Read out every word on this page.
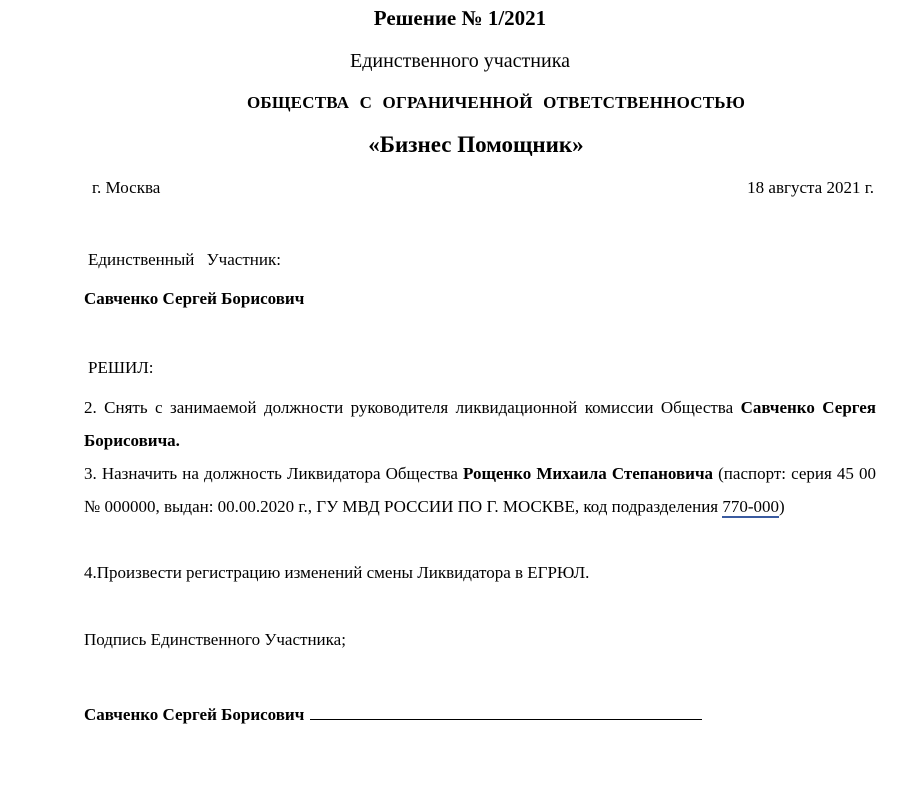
Решение № 1/2021
Единственного участника
ОБЩЕСТВА С ОГРАНИЧЕННОЙ ОТВЕТСТВЕННОСТЬЮ
«Бизнес Помощник»
г. Москва	18 августа 2021 г.
Единственный Участник:
Савченко Сергей Борисович
РЕШИЛ:
2. Снять с занимаемой должности руководителя ликвидационной комиссии Общества Савченко Сергея Борисовича.
3. Назначить на должность Ликвидатора Общества Рощенко Михаила Степановича (паспорт: серия 45 00 № 000000, выдан: 00.00.2020 г., ГУ МВД РОССИИ ПО Г. МОСКВЕ, код подразделения 770-000)
4.Произвести регистрацию изменений смены Ликвидатора в ЕГРЮЛ.
Подпись Единственного Участника;
Савченко Сергей Борисович
